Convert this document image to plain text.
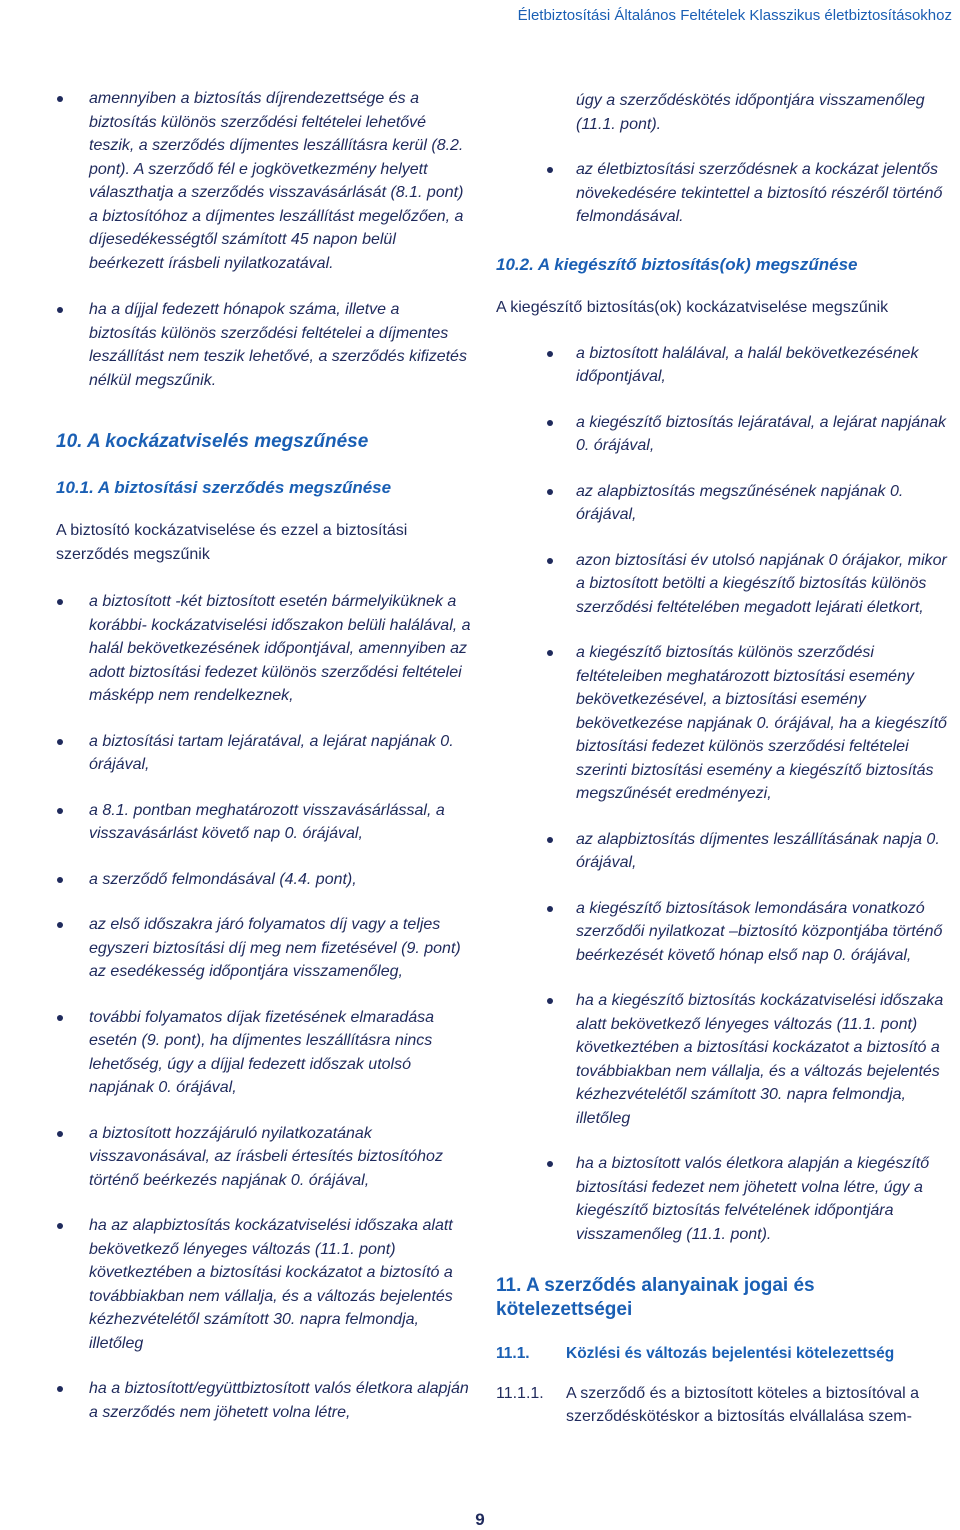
Életbiztosítási Általános Feltételek Klasszikus életbiztosításokhoz

amennyiben a biztosítás díjrendezettsége és a biztosítás különös szerződési feltételei lehetővé teszik, a szerződés díjmentes leszállításra kerül (8.2. pont). A szerződő fél e jogkövetkezmény helyett választhatja a szerződés visszavásárlását (8.1. pont) a biztosítóhoz a díjmentes leszállítást megelőzően, a díjesedékességtől számított 45 napon belül beérkezett írásbeli nyilatkozatával.

ha a díjjal fedezett hónapok száma, illetve a biztosítás különös szerződési feltételei a díjmentes leszállítást nem teszik lehetővé, a szerződés kifizetés nélkül megszűnik.

10. A kockázatviselés megszűnése
10.1. A biztosítási szerződés megszűnése

A biztosító kockázatviselése és ezzel a biztosítási szerződés megszűnik

a biztosított -két biztosított esetén bármelyiküknek a korábbi- kockázatviselési időszakon belüli halálával, a halál bekövetkezésének időpontjával, amennyiben az adott biztosítási fedezet különös szerződési feltételei másképp nem rendelkeznek,

a biztosítási tartam lejáratával, a lejárat napjának 0. órájával,

a 8.1. pontban meghatározott visszavásárlással, a visszavásárlást követő nap 0. órájával,

a szerződő felmondásával (4.4. pont),

az első időszakra járó folyamatos díj vagy a teljes egyszeri biztosítási díj meg nem fizetésével (9. pont) az esedékesség időpontjára visszamenőleg,

további folyamatos díjak fizetésének elmaradása esetén (9. pont), ha díjmentes leszállításra nincs lehetőség, úgy a díjjal fedezett időszak utolsó napjának 0. órájával,

a biztosított hozzájáruló nyilatkozatának visszavonásával, az írásbeli értesítés biztosítóhoz történő beérkezés napjának 0. órájával,

ha az alapbiztosítás kockázatviselési időszaka alatt bekövetkező lényeges változás (11.1. pont) következtében a biztosítási kockázatot a biztosító a továbbiakban nem vállalja, és a változás bejelentés kézhezvételétől számított 30. napra felmondja, illetőleg

ha a biztosított/együttbiztosított valós életkora alapján a szerződés nem jöhetett volna létre,

úgy a szerződéskötés időpontjára visszamenőleg (11.1. pont).

az életbiztosítási szerződésnek a kockázat jelentős növekedésére tekintettel a biztosító részéről történő felmondásával.

10.2. A kiegészítő biztosítás(ok) megszűnése

A kiegészítő biztosítás(ok) kockázatviselése megszűnik

a biztosított halálával, a halál bekövetkezésének időpontjával,

a kiegészítő biztosítás lejáratával, a lejárat napjának 0. órájával,

az alapbiztosítás megszűnésének napjának 0. órájával,

azon biztosítási év utolsó napjának 0 órájakor, mikor a biztosított betölti a kiegészítő biztosítás különös szerződési feltételében megadott lejárati életkort,

a kiegészítő biztosítás különös szerződési feltételeiben meghatározott biztosítási esemény bekövetkezésével, a biztosítási esemény bekövetkezése napjának 0. órájával, ha a kiegészítő biztosítási fedezet különös szerződési feltételei szerinti biztosítási esemény a kiegészítő biztosítás megszűnését eredményezi,

az alapbiztosítás díjmentes leszállításának napja 0. órájával,

a kiegészítő biztosítások lemondására vonatkozó szerződői nyilatkozat –biztosító központjába történő beérkezését követő hónap első nap 0. órájával,

ha a kiegészítő biztosítás kockázatviselési időszaka alatt bekövetkező lényeges változás (11.1. pont) következtében a biztosítási kockázatot a biztosító a továbbiakban nem vállalja, és a változás bejelentés kézhezvételétől számított 30. napra felmondja, illetőleg

ha a biztosított valós életkora alapján a kiegészítő biztosítási fedezet nem jöhetett volna létre, úgy a kiegészítő biztosítás felvételének időpontjára visszamenőleg (11.1. pont).

11. A szerződés alanyainak jogai és kötelezettségei
11.1.	Közlési és változás bejelentési kötelezettség
11.1.1.	A szerződő és a biztosított köteles a biztosítóval a szerződéskötéskor a biztosítás elvállalása szem-
9
